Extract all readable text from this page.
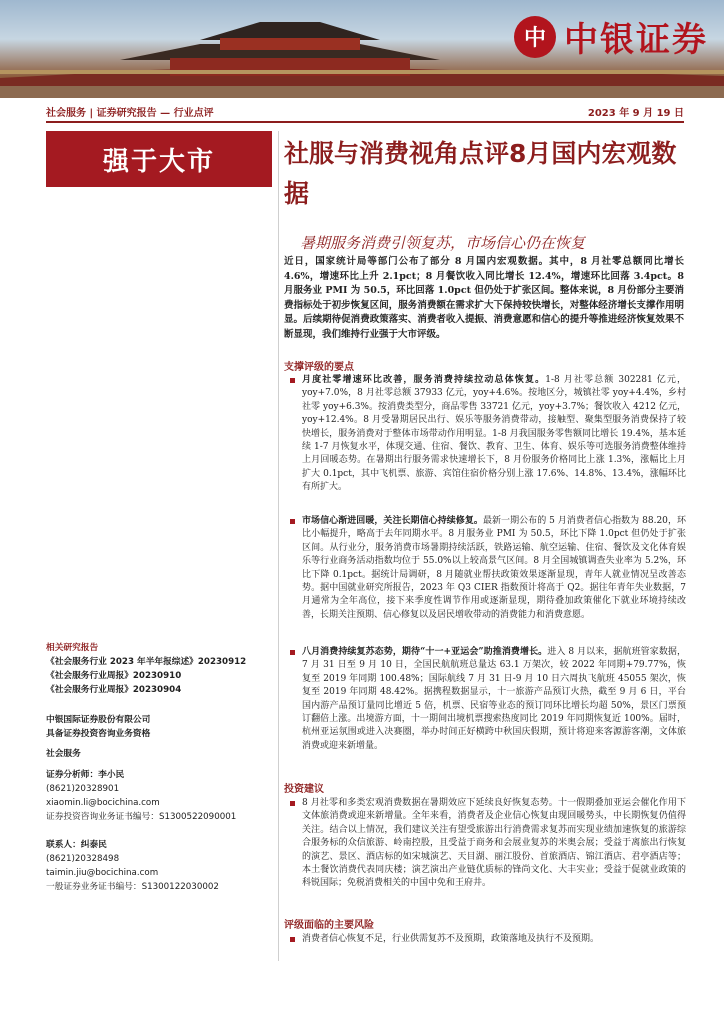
中 中银证券
社会服务 | 证券研究报告 — 行业点评	2023 年 9 月 19 日
强于大市	社服与消费视角点评8月国内宏观数据
暑期服务消费引领复苏，市场信心仍在恢复
近日，国家统计局等部门公布了部分 8 月国内宏观数据。其中，8 月社零总额同比增长 4.6%，增速环比上升 2.1pct；8 月餐饮收入同比增长 12.4%，增速环比回落 3.4pct。8 月服务业 PMI 为 50.5，环比回落 1.0pct 但仍处于扩张区间。整体来说，8 月份部分主要消费指标处于初步恢复区间，服务消费额在需求扩大下保持较快增长，对整体经济增长支撑作用明显。后续期待促消费政策落实、消费者收入提振、消费意愿和信心的提升等推进经济恢复效果不断显现，我们维持行业强于大市评级。
支撑评级的要点
月度社零增速环比改善，服务消费持续拉动总体恢复。1-8 月社零总额 302281 亿元，yoy+7.0%，8 月社零总额 37933 亿元，yoy+4.6%。按地区分，城镇社零 yoy+4.4%，乡村社零 yoy+6.3%。按消费类型分，商品零售 33721 亿元，yoy+3.7%；餐饮收入 4212 亿元，yoy+12.4%。8 月受暑期居民出行、娱乐等服务消费带动，接触型、聚集型服务消费保持了较快增长，服务消费对于整体市场带动作用明显。1-8 月我国服务零售额同比增长 19.4%，基本延续 1-7 月恢复水平，体现交通、住宿、餐饮、教育、卫生、体育、娱乐等可选服务消费整体维持上月回暖态势。在暑期出行服务需求快速增长下，8 月份服务价格同比上涨 1.3%，涨幅比上月扩大 0.1pct，其中飞机票、旅游、宾馆住宿价格分别上涨 17.6%、14.8%、13.4%，涨幅环比有所扩大。
市场信心渐进回暖，关注长期信心持续修复。最新一期公布的 5 月消费者信心指数为 88.20，环比小幅提升，略高于去年同期水平。8 月服务业 PMI 为 50.5，环比下降 1.0pct 但仍处于扩张区间。从行业分，服务消费市场暑期持续活跃，铁路运输、航空运输、住宿、餐饮及文化体育娱乐等行业商务活动指数均位于 55.0%以上较高景气区间。8 月全国城镇调查失业率为 5.2%，环比下降 0.1pct。据统计局调研，8 月随就业帮扶政策效果逐渐显现，青年人就业情况呈改善态势。据中国就业研究所报告，2023 年 Q3 CIER 指数预计将高于 Q2。据往年青年失业数据，7 月通常为全年高位，接下来季度性调节作用或逐渐显现，期待叠加政策催化下就业环境持续改善，长期关注预期、信心修复以及居民增收带动的消费能力和消费意愿。
八月消费持续复苏态势，期待“十一+亚运会”助推消费增长。进入 8 月以来，据航班管家数据，7 月 31 日至 9 月 10 日，全国民航航班总量达 63.1 万架次，较 2022 年同期+79.77%，恢复至 2019 年同期 100.48%；国际航线 7 月 31 日-9 月 10 日六周执飞航班 45055 架次，恢复至 2019 年同期 48.42%。据携程数据显示，十一旅游产品预订火热，截至 9 月 6 日，平台国内游产品预订量同比增近 5 倍，机票、民宿等业态的预订同环比增长均超 50%，景区门票预订翻倍上涨。出境游方面，十一期间出境机票搜索热度同比 2019 年同期恢复近 100%。届时，杭州亚运氛围或进入决赛圈，举办时间正好横跨中秋国庆假期，预计将迎来客源游客潮，文体旅消费或迎来新增量。
投资建议
8 月社零和多类宏观消费数据在暑期效应下延续良好恢复态势。十一假期叠加亚运会催化作用下文体旅消费或迎来新增量。全年来看，消费者及企业信心恢复由现回暖势头，中长期恢复仍值得关注。结合以上情况，我们建议关注有望受旅游出行消费需求复苏而实现业绩加速恢复的旅游综合服务标的众信旅游、岭南控股，且受益于商务和会展业复苏的米奥会展；受益于离旅出行恢复的演艺、景区、酒店标的如宋城演艺、天目湖、丽江股份、首旅酒店、锦江酒店、君亭酒店等；本土餐饮消费代表同庆楼；演艺演出产业链优质标的锋尚文化、大丰实业；受益于促就业政策的科锐国际；免税消费相关的中国中免和王府井。
评级面临的主要风险
消费者信心恢复不足，行业供需复苏不及预期，政策落地及执行不及预期。
相关研究报告
《社会服务行业 2023 年半年报综述》20230912
《社会服务行业周报》20230910
《社会服务行业周报》20230904
中银国际证券股份有限公司
具备证券投资咨询业务资格
社会服务
证券分析师：李小民
(8621)20328901
xiaomin.li@bocichina.com
证券投资咨询业务证书编号：S1300522090001
联系人：纠泰民
(8621)20328498
taimin.jiu@bocichina.com
一般证券业务证书编号：S1300122030002
